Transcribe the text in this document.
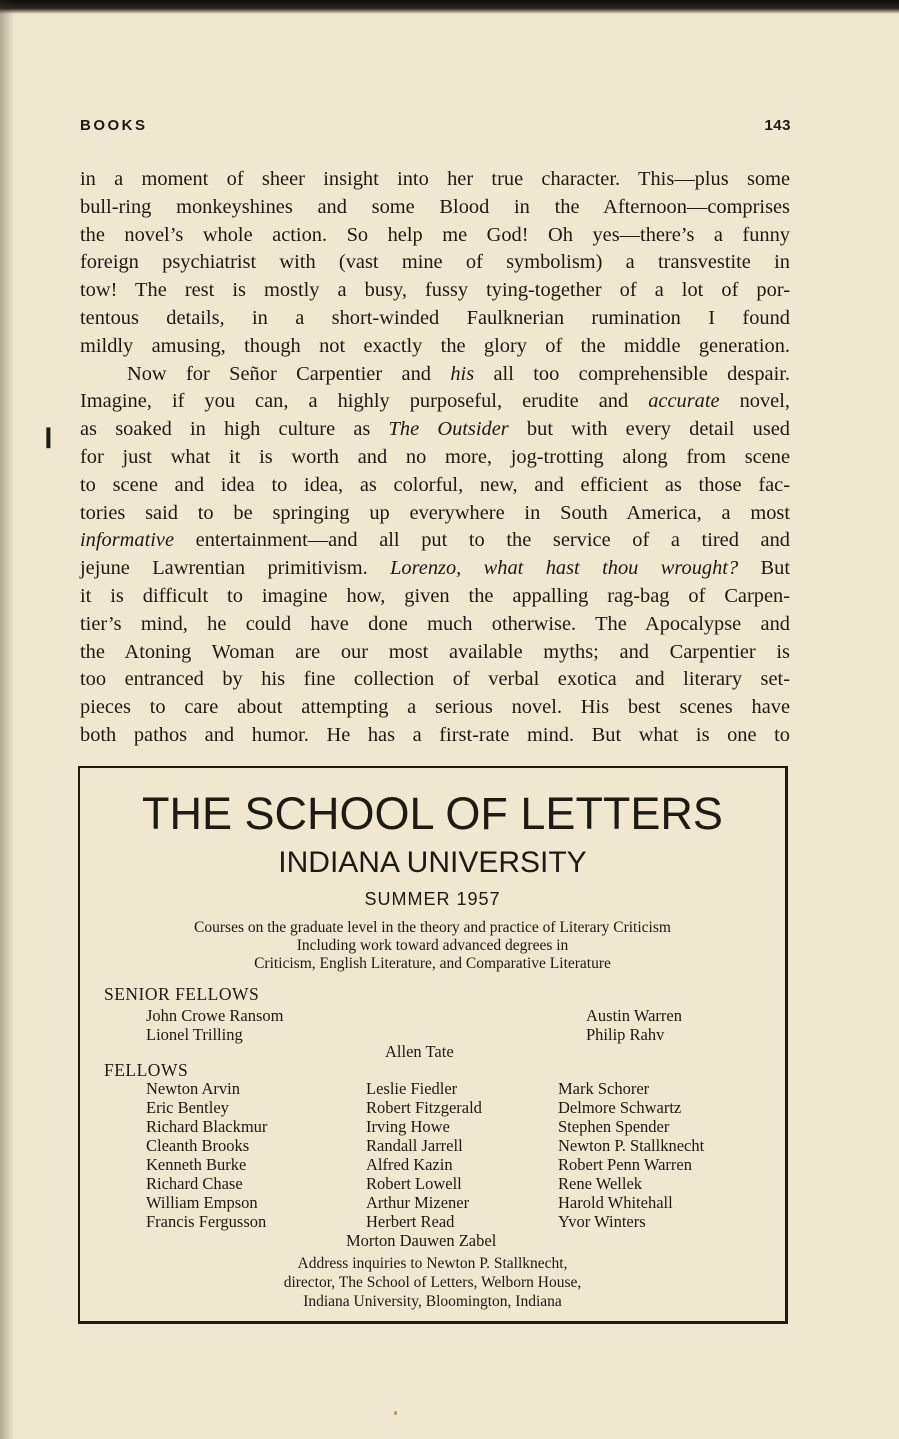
BOOKS	143
❙
in a moment of sheer insight into her true character. This—plus some
bull-ring monkeyshines and some Blood in the Afternoon—comprises
the novel’s whole action. So help me God! Oh yes—there’s a funny
foreign psychiatrist with (vast mine of symbolism) a transvestite in
tow! The rest is mostly a busy, fussy tying-together of a lot of por-
tentous details, in a short-winded Faulknerian rumination I found
mildly amusing, though not exactly the glory of the middle generation.
Now for Señor Carpentier and his all too comprehensible despair.
Imagine, if you can, a highly purposeful, erudite and accurate novel,
as soaked in high culture as The Outsider but with every detail used
for just what it is worth and no more, jog-trotting along from scene
to scene and idea to idea, as colorful, new, and efficient as those fac-
tories said to be springing up everywhere in South America, a most
informative entertainment—and all put to the service of a tired and
jejune Lawrentian primitivism. Lorenzo, what hast thou wrought? But
it is difficult to imagine how, given the appalling rag-bag of Carpen-
tier’s mind, he could have done much otherwise. The Apocalypse and
the Atoning Woman are our most available myths; and Carpentier is
too entranced by his fine collection of verbal exotica and literary set-
pieces to care about attempting a serious novel. His best scenes have
both pathos and humor. He has a first-rate mind. But what is one to
THE SCHOOL OF LETTERS
INDIANA UNIVERSITY
SUMMER 1957
Courses on the graduate level in the theory and practice of Literary Criticism
Including work toward advanced degrees in
Criticism, English Literature, and Comparative Literature
SENIOR FELLOWS
John Crowe Ransom
Lionel Trilling
Austin Warren
Philip Rahv
Allen Tate
FELLOWS
Newton Arvin
Eric Bentley
Richard Blackmur
Cleanth Brooks
Kenneth Burke
Richard Chase
William Empson
Francis Fergusson
Leslie Fiedler
Robert Fitzgerald
Irving Howe
Randall Jarrell
Alfred Kazin
Robert Lowell
Arthur Mizener
Herbert Read
Mark Schorer
Delmore Schwartz
Stephen Spender
Newton P. Stallknecht
Robert Penn Warren
Rene Wellek
Harold Whitehall
Yvor Winters
Morton Dauwen Zabel
Address inquiries to Newton P. Stallknecht,
director, The School of Letters, Welborn House,
Indiana University, Bloomington, Indiana
